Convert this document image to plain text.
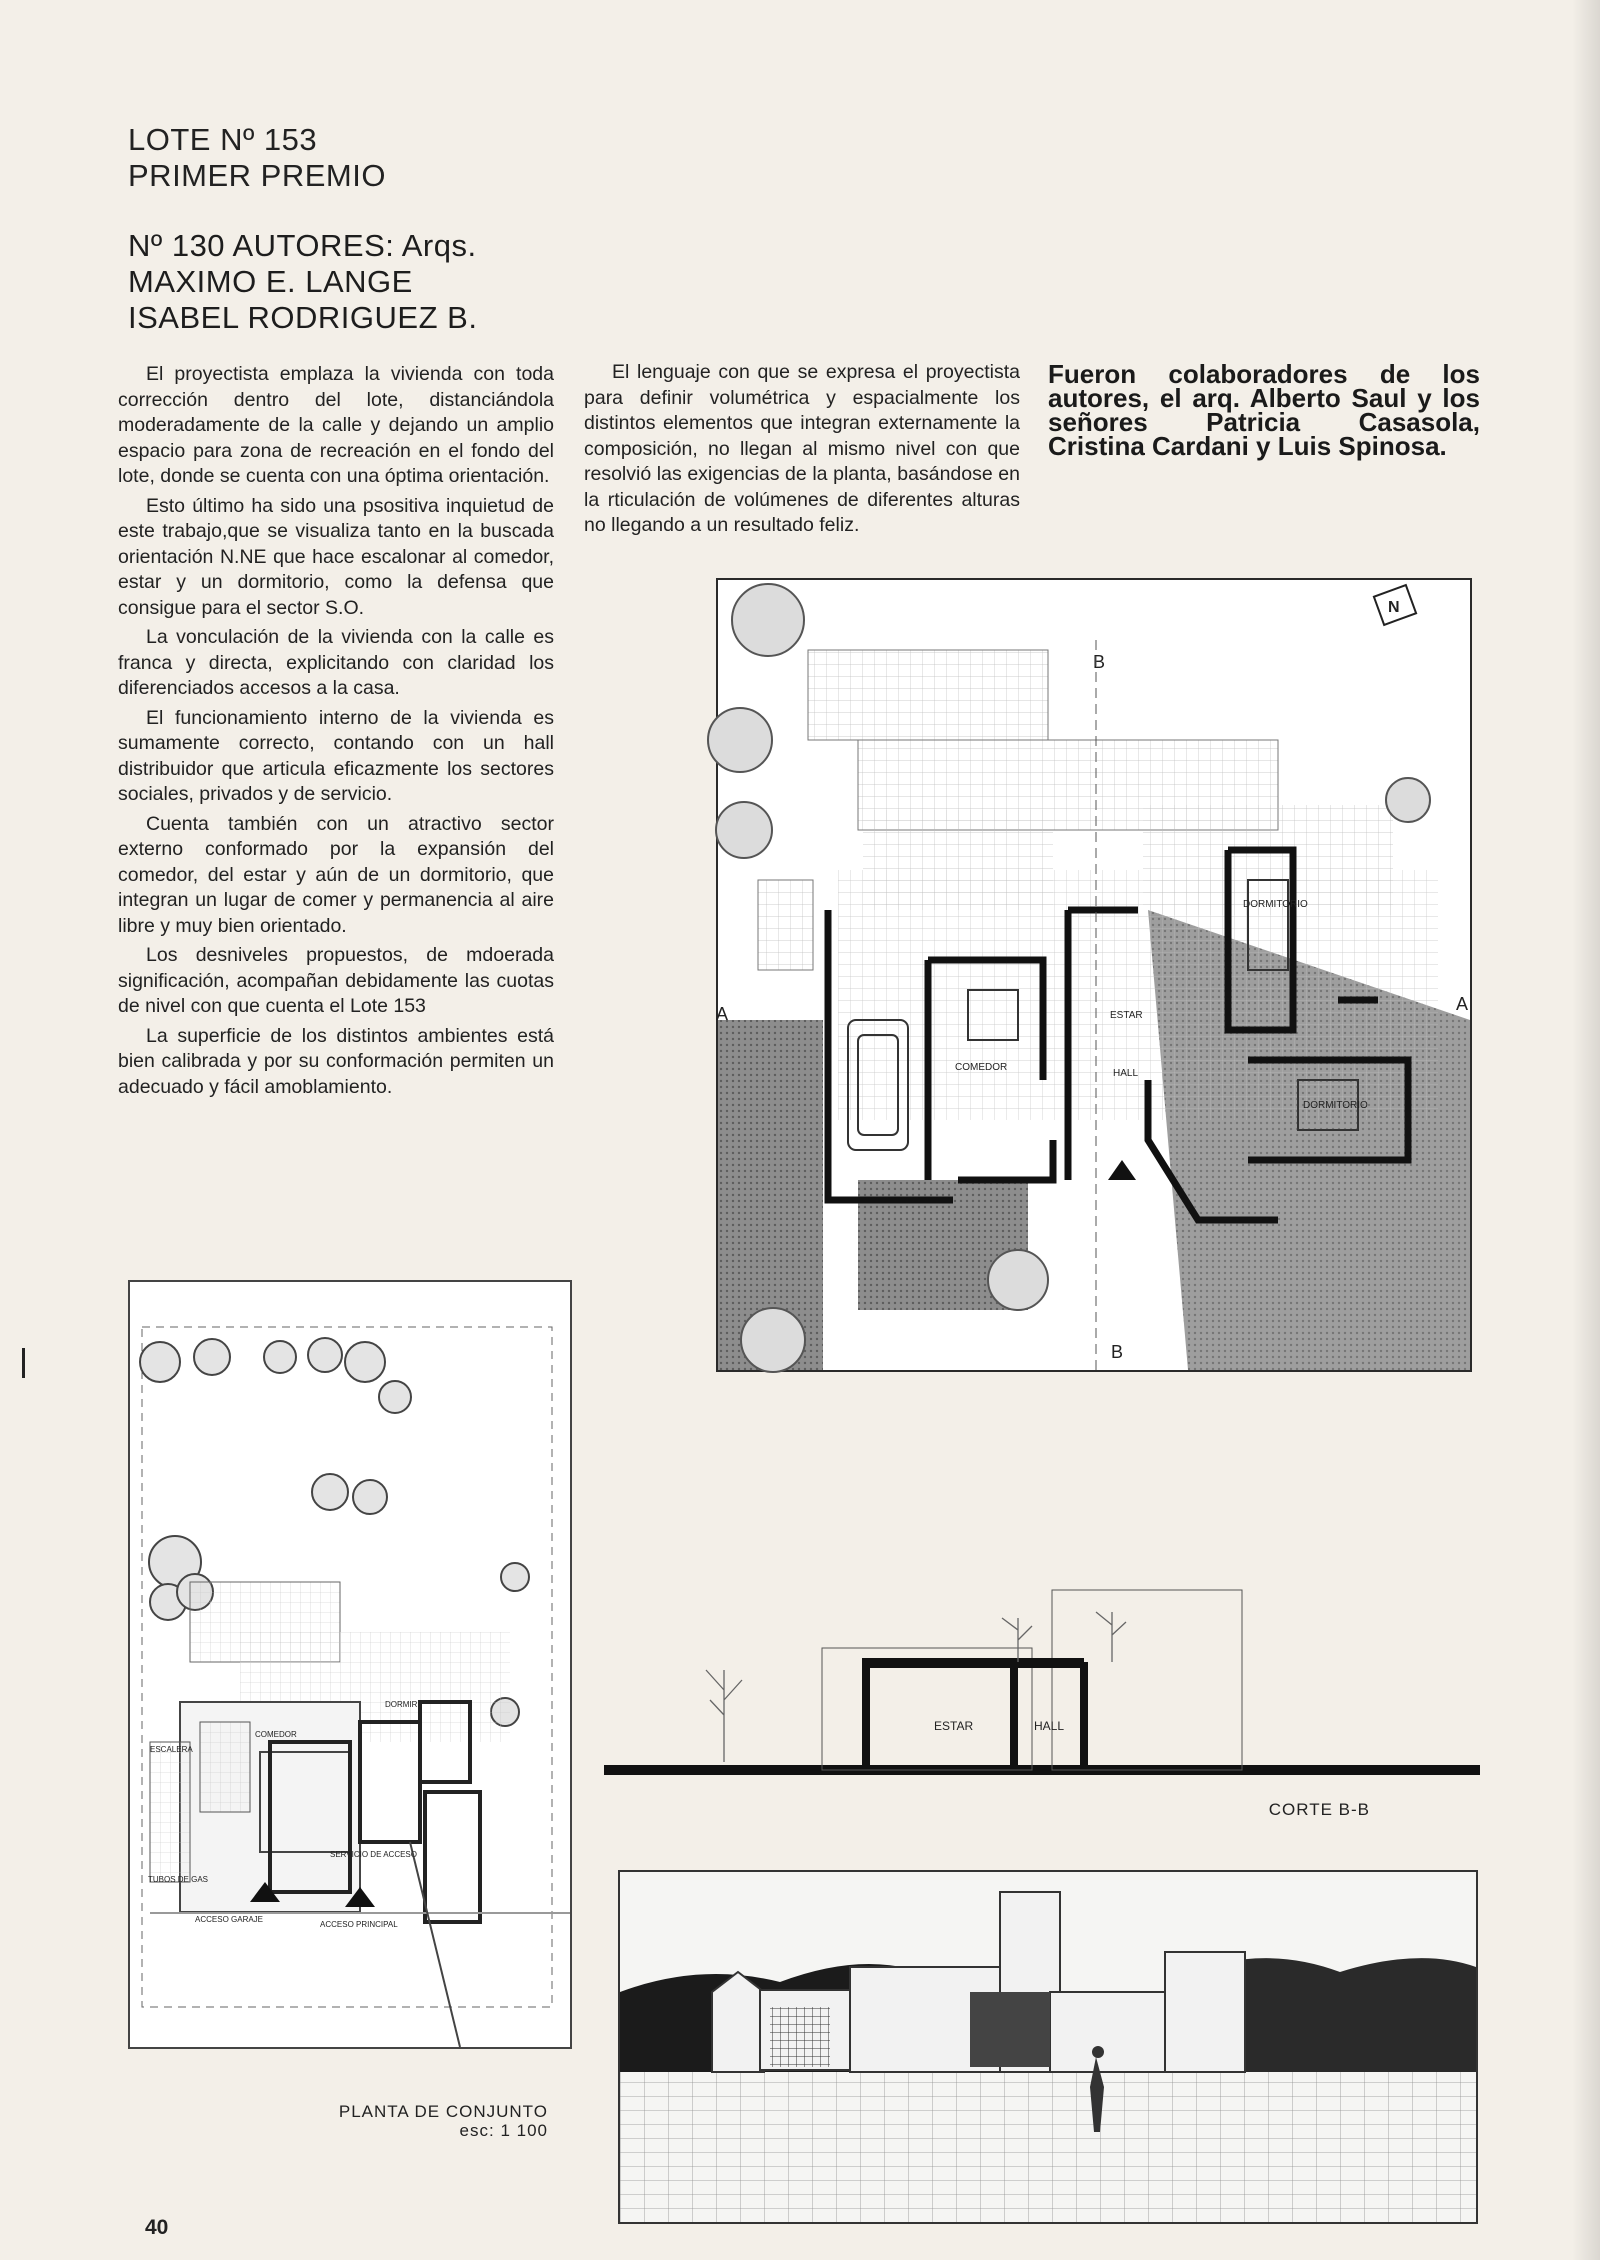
LOTE Nº 153
PRIMER PREMIO
Nº 130 AUTORES: Arqs.
MAXIMO E. LANGE
ISABEL RODRIGUEZ B.

El proyectista emplaza la vivienda con toda corrección dentro del lote, distanciándola moderadamente de la calle y dejando un amplio espacio para zona de recreación en el fondo del lote, donde se cuenta con una óptima orientación.

Esto último ha sido una psositiva inquietud de este trabajo,que se visualiza tanto en la buscada orientación N.NE que hace escalonar al comedor, estar y un dormitorio, como la defensa que consigue para el sector S.O.

La vonculación de la vivienda con la calle es franca y directa, explicitando con claridad los diferenciados accesos a la casa.

El funcionamiento interno de la vivienda es sumamente correcto, contando con un hall distribuidor que articula eficazmente los sectores sociales, privados y de servicio.

Cuenta también con un atractivo sector externo conformado por la expansión del comedor, del estar y aún de un dormitorio, que integran un lugar de comer y permanencia al aire libre y muy bien orientado.

Los desniveles propuestos, de mdoerada significación, acompañan debidamente las cuotas de nivel con que cuenta el Lote 153

La superficie de los distintos ambientes está bien calibrada y por su conformación permiten un adecuado y fácil amoblamiento.

El lenguaje con que se expresa el proyectista para definir volumétrica y espacialmente los distintos elementos que integran externamente la composición, no llegan al mismo nivel con que resolvió las exigencias de la planta, basándose en la rticulación de volúmenes de diferentes alturas no llegando a un resultado feliz.

Fueron colaboradores de los autores, el arq. Alberto Saul y los señores Patricia Casasola, Cristina Cardani y Luis Spinosa.
B
B
A	A
N
DORMITORIO
ESTAR
HALL
COMEDOR
DORMITORIO
COMEDOR
DORMIR
ACCESO PRINCIPAL
ACCESO GARAJE
TUBOS DE GAS
ESCALERA
SERVICIO DE ACCESO
PLANTA DE CONJUNTO
esc: 1 100
ESTAR	HALL
CORTE B-B
40
